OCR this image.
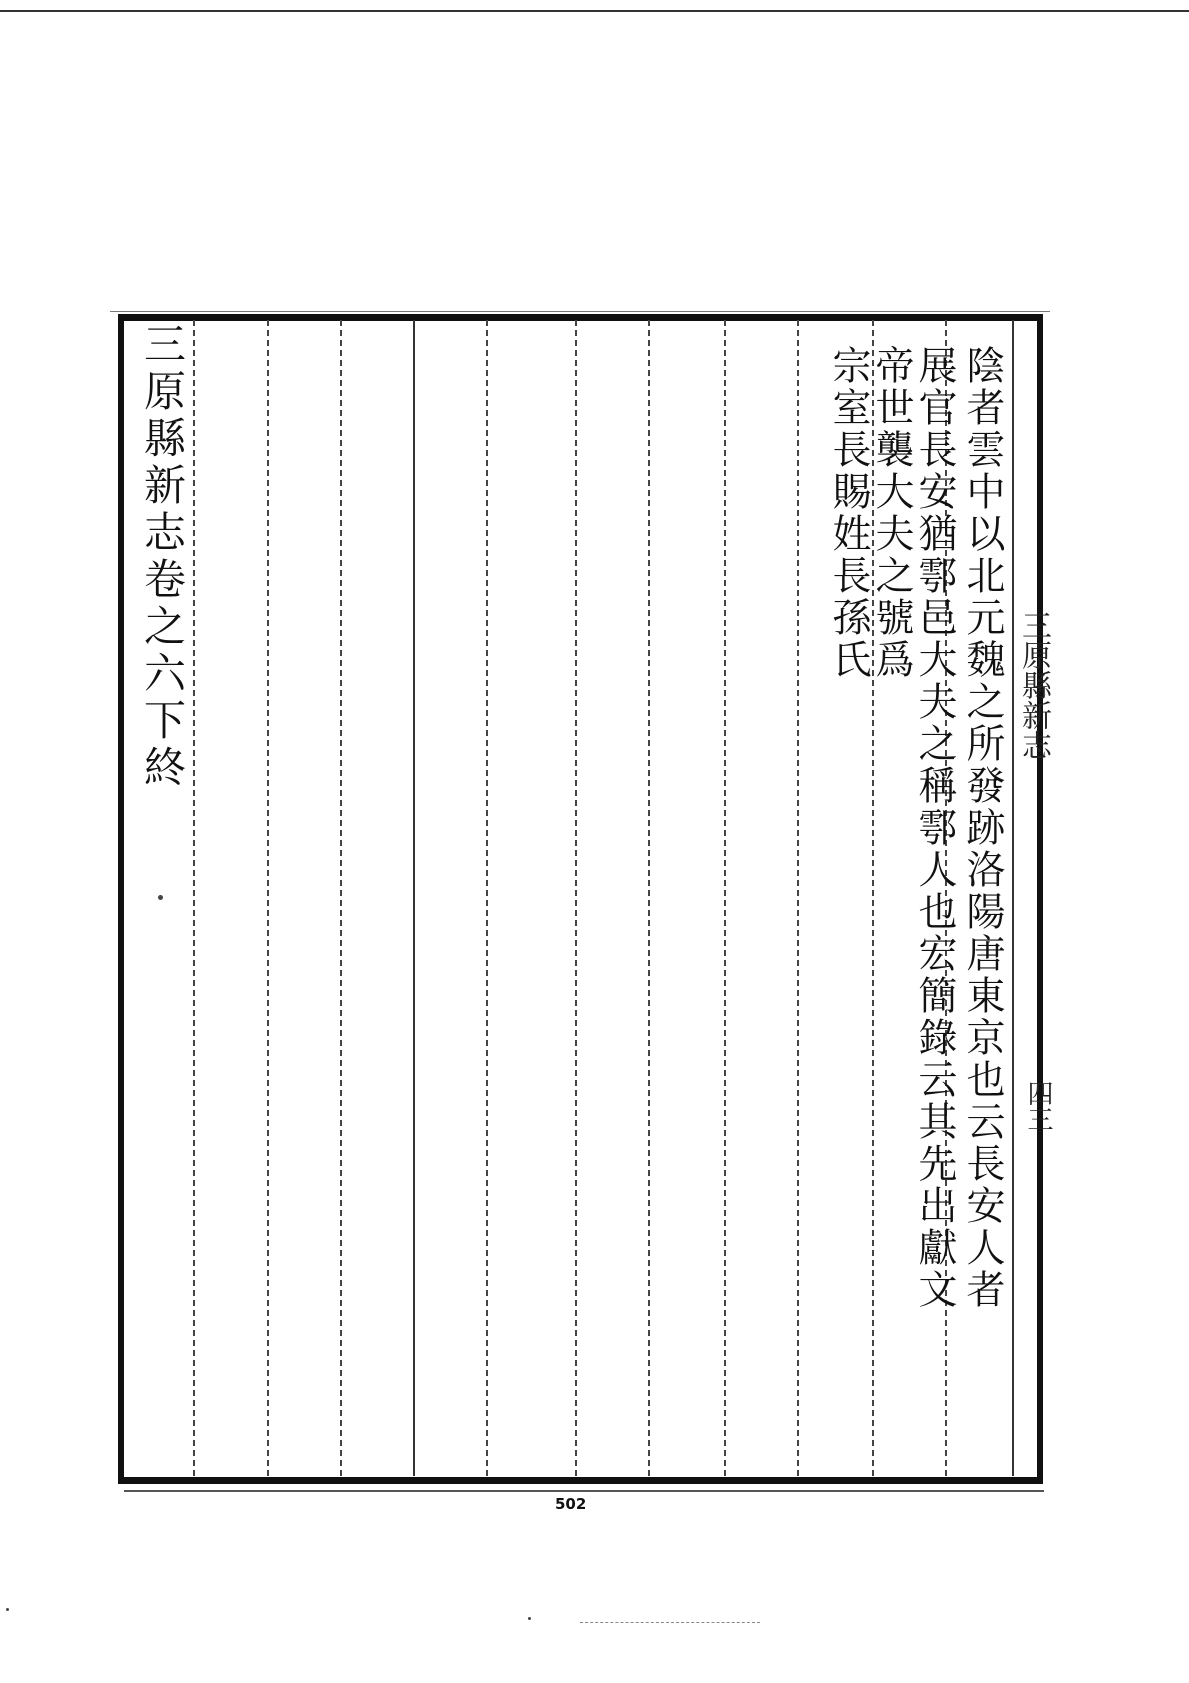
三原縣新志卷之六下終	陰者雲中以北元魏之所發跡洛陽唐東京也云長安人者
展官長安猶鄠邑大夫之稱鄠人也宏簡錄云其先出獻文
帝世襲大夫之號爲
宗室長賜姓長孫氏
三原縣新志
四三
502
